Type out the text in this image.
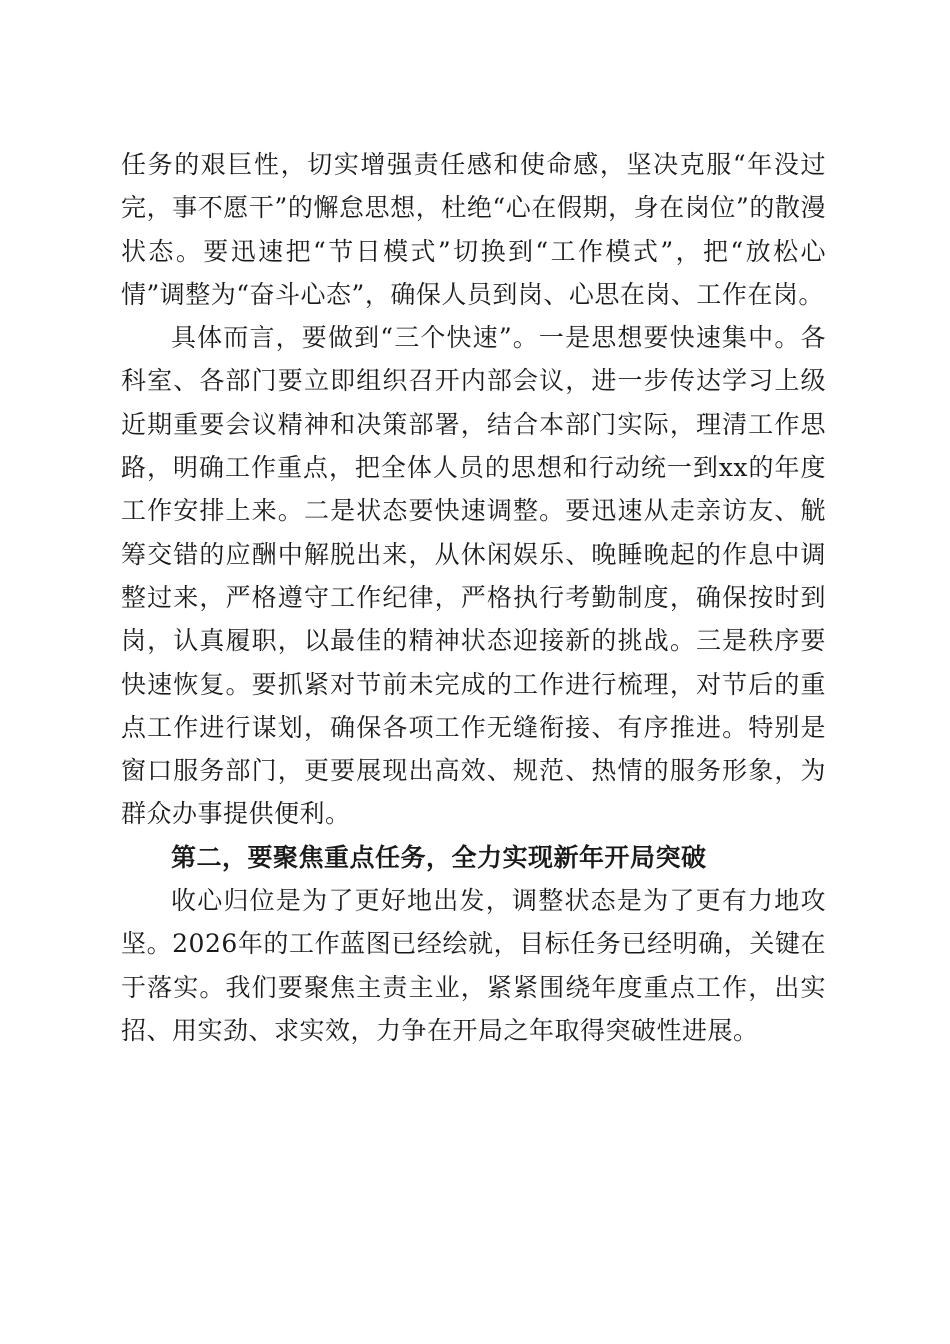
任务的艰巨性，切实增强责任感和使命感，坚决克服“年没过完，事不愿干”的懈怠思想，杜绝“心在假期，身在岗位”的散漫状态。要迅速把“节日模式”切换到“工作模式”，把“放松心情”调整为“奋斗心态”，确保人员到岗、心思在岗、工作在岗。

具体而言，要做到“三个快速”。一是思想要快速集中。各科室、各部门要立即组织召开内部会议，进一步传达学习上级近期重要会议精神和决策部署，结合本部门实际，理清工作思路，明确工作重点，把全体人员的思想和行动统一到xx的年度工作安排上来。二是状态要快速调整。要迅速从走亲访友、觥筹交错的应酬中解脱出来，从休闲娱乐、晚睡晚起的作息中调整过来，严格遵守工作纪律，严格执行考勤制度，确保按时到岗，认真履职，以最佳的精神状态迎接新的挑战。三是秩序要快速恢复。要抓紧对节前未完成的工作进行梳理，对节后的重点工作进行谋划，确保各项工作无缝衔接、有序推进。特别是窗口服务部门，更要展现出高效、规范、热情的服务形象，为群众办事提供便利。

第二，要聚焦重点任务，全力实现新年开局突破

收心归位是为了更好地出发，调整状态是为了更有力地攻坚。2026年的工作蓝图已经绘就，目标任务已经明确，关键在于落实。我们要聚焦主责主业，紧紧围绕年度重点工作，出实招、用实劲、求实效，力争在开局之年取得突破性进展。
